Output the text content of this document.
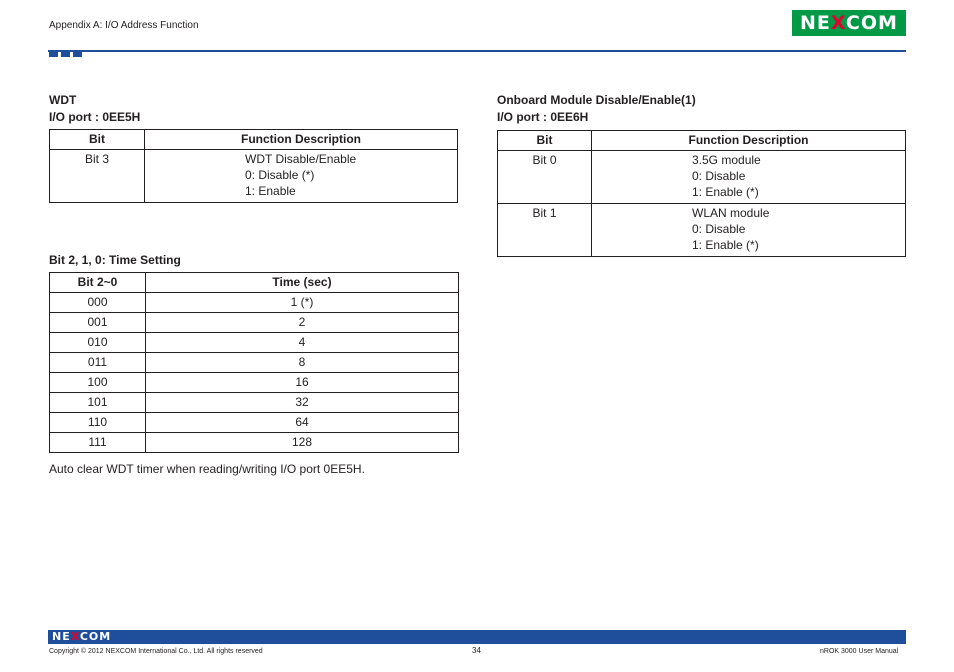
Appendix A: I/O Address Function	NEXCOM
WDT
I/O port : 0EE5H
Bit	Function Description
Bit 3	WDT Disable/Enable
0: Disable (*)
1: Enable
Bit 2, 1, 0: Time Setting
Bit 2~0	Time (sec)
000	1 (*)
001	2
010	4
011	8
100	16
101	32
110	64
111	128
Auto clear WDT timer when reading/writing I/O port 0EE5H.
Onboard Module Disable/Enable(1)
I/O port : 0EE6H
Bit	Function Description
Bit 0	3.5G module
0: Disable
1: Enable (*)

Bit 1	WLAN module
0: Disable
1: Enable (*)
NEXCOM
Copyright © 2012 NEXCOM International Co., Ltd. All rights reserved	34	nROK 3000 User Manual
